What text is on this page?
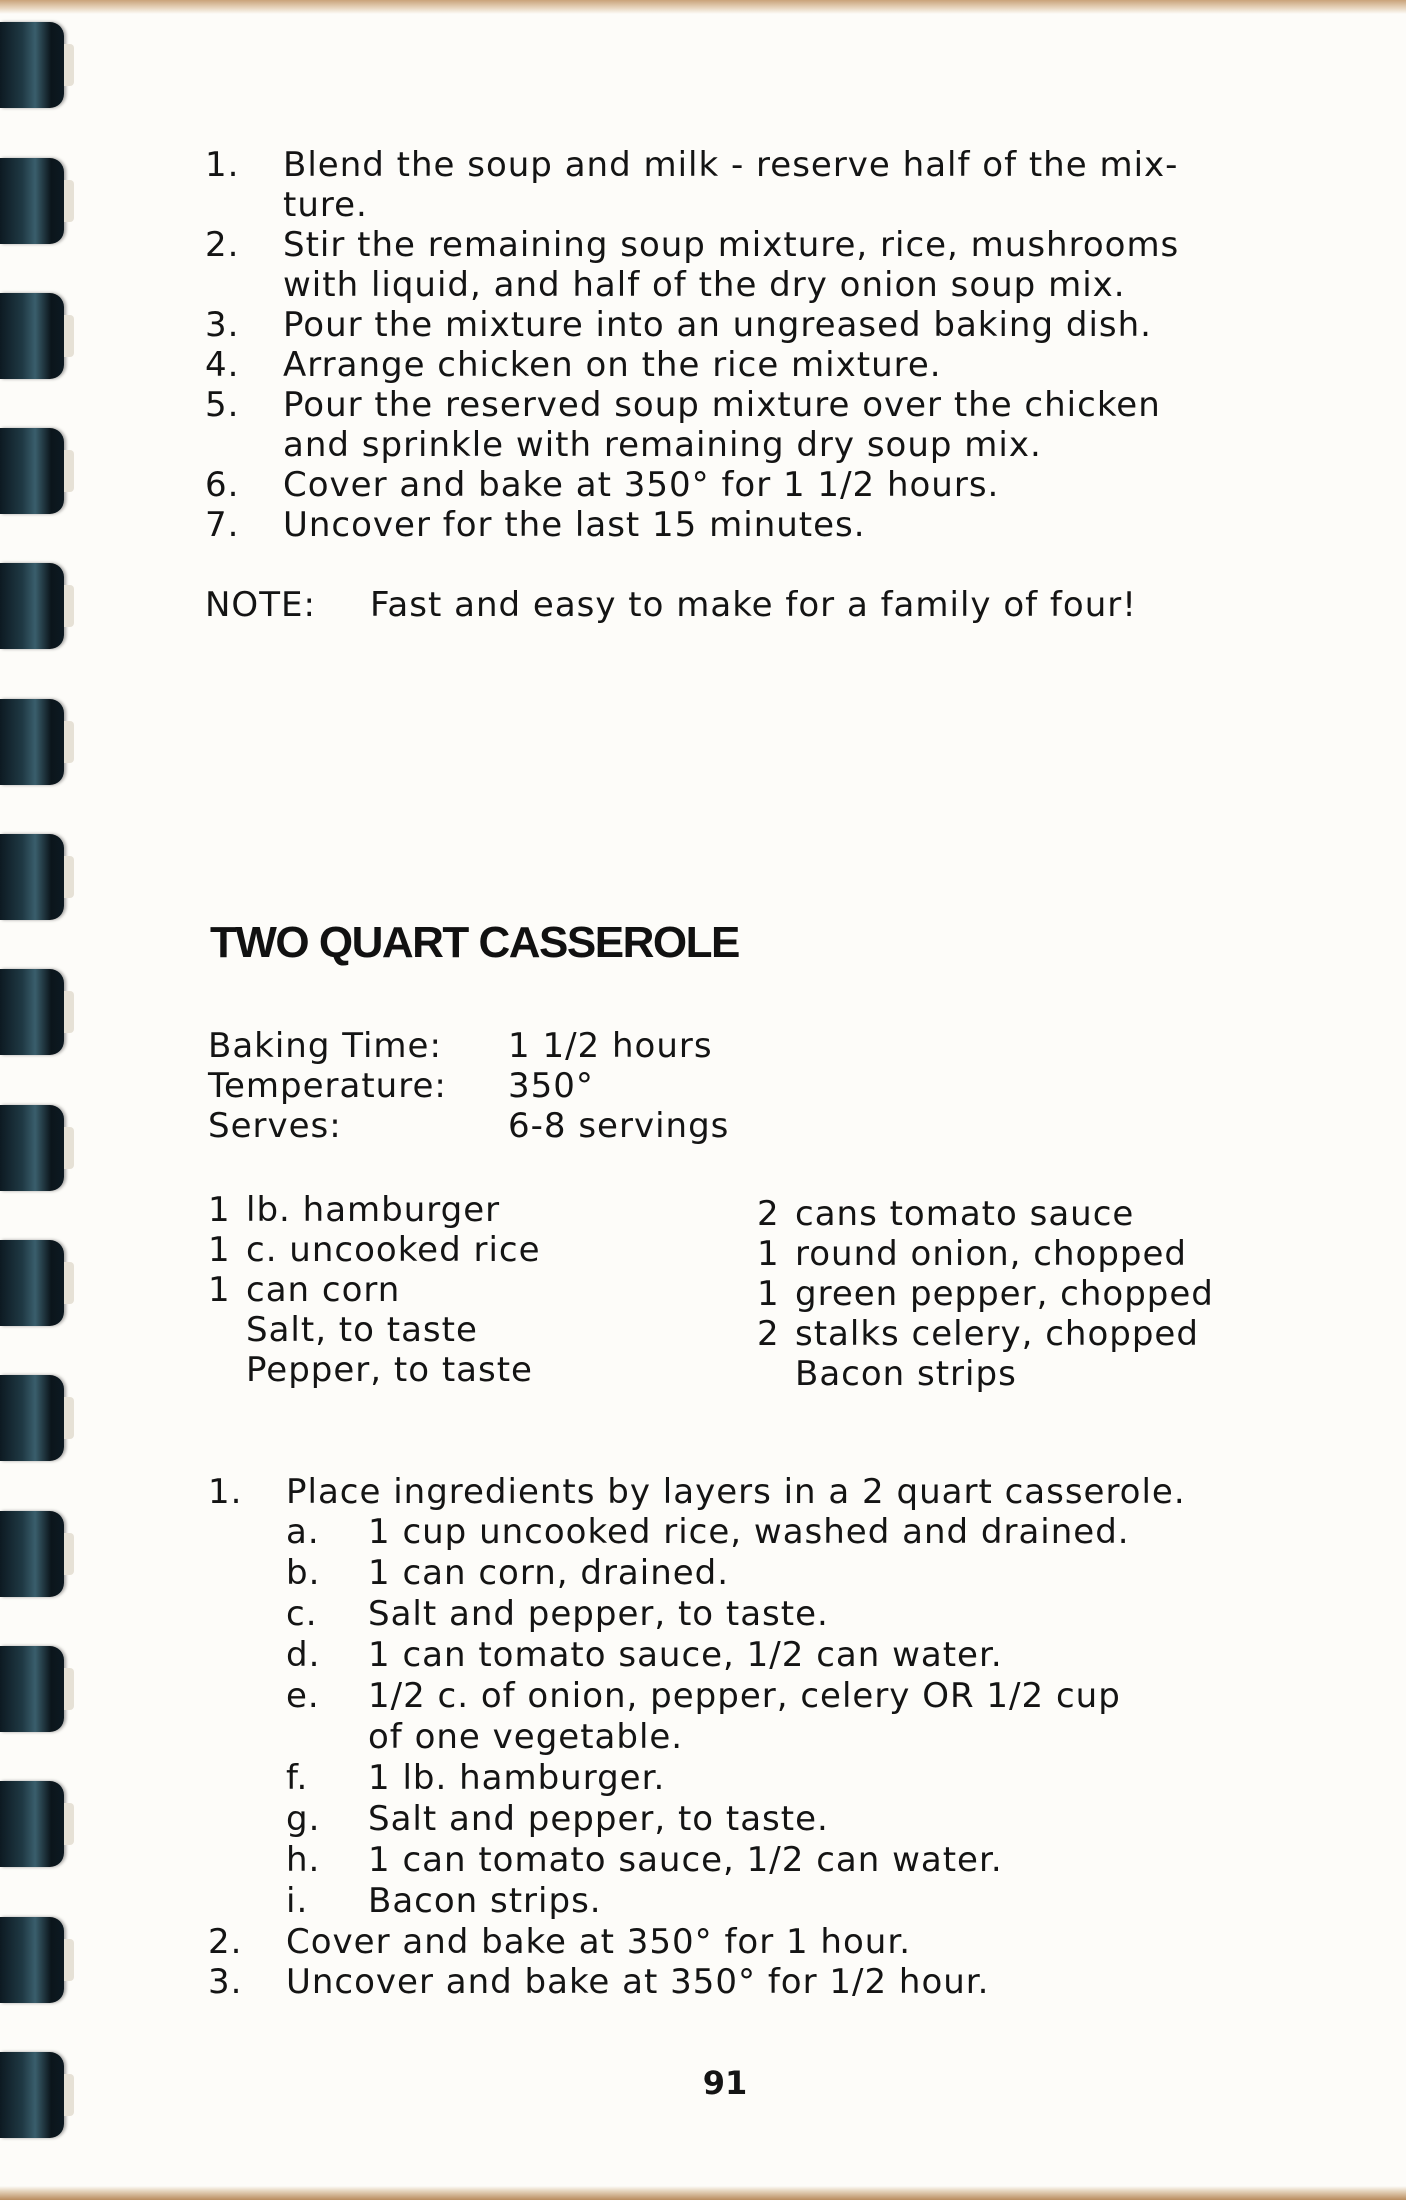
1.	Blend the soup and milk - reserve half of the mix-
ture.
2.	Stir the remaining soup mixture, rice, mushrooms
with liquid, and half of the dry onion soup mix.
3.	Pour the mixture into an ungreased baking dish.
4.	Arrange chicken on the rice mixture.
5.	Pour the reserved soup mixture over the chicken
and sprinkle with remaining dry soup mix.
6.	Cover and bake at 350° for 1 1/2 hours.
7.	Uncover for the last 15 minutes.
NOTE:	Fast and easy to make for a family of four!
TWO QUART CASSEROLE
Baking Time:	1 1/2 hours
Temperature:	350°
Serves:	6-8 servings
1 lb. hamburger
1 c. uncooked rice
1 can corn
Salt, to taste
Pepper, to taste
2 cans tomato sauce
1 round onion, chopped
1 green pepper, chopped
2 stalks celery, chopped
Bacon strips
1.	Place ingredients by layers in a 2 quart casserole.
a.	1 cup uncooked rice, washed and drained.
b.	1 can corn, drained.
c.	Salt and pepper, to taste.
d.	1 can tomato sauce, 1/2 can water.
e.	1/2 c. of onion, pepper, celery OR 1/2 cup
of one vegetable.
f.	1 lb. hamburger.
g.	Salt and pepper, to taste.
h.	1 can tomato sauce, 1/2 can water.
i.	Bacon strips.
2.	Cover and bake at 350° for 1 hour.
3.	Uncover and bake at 350° for 1/2 hour.
91
